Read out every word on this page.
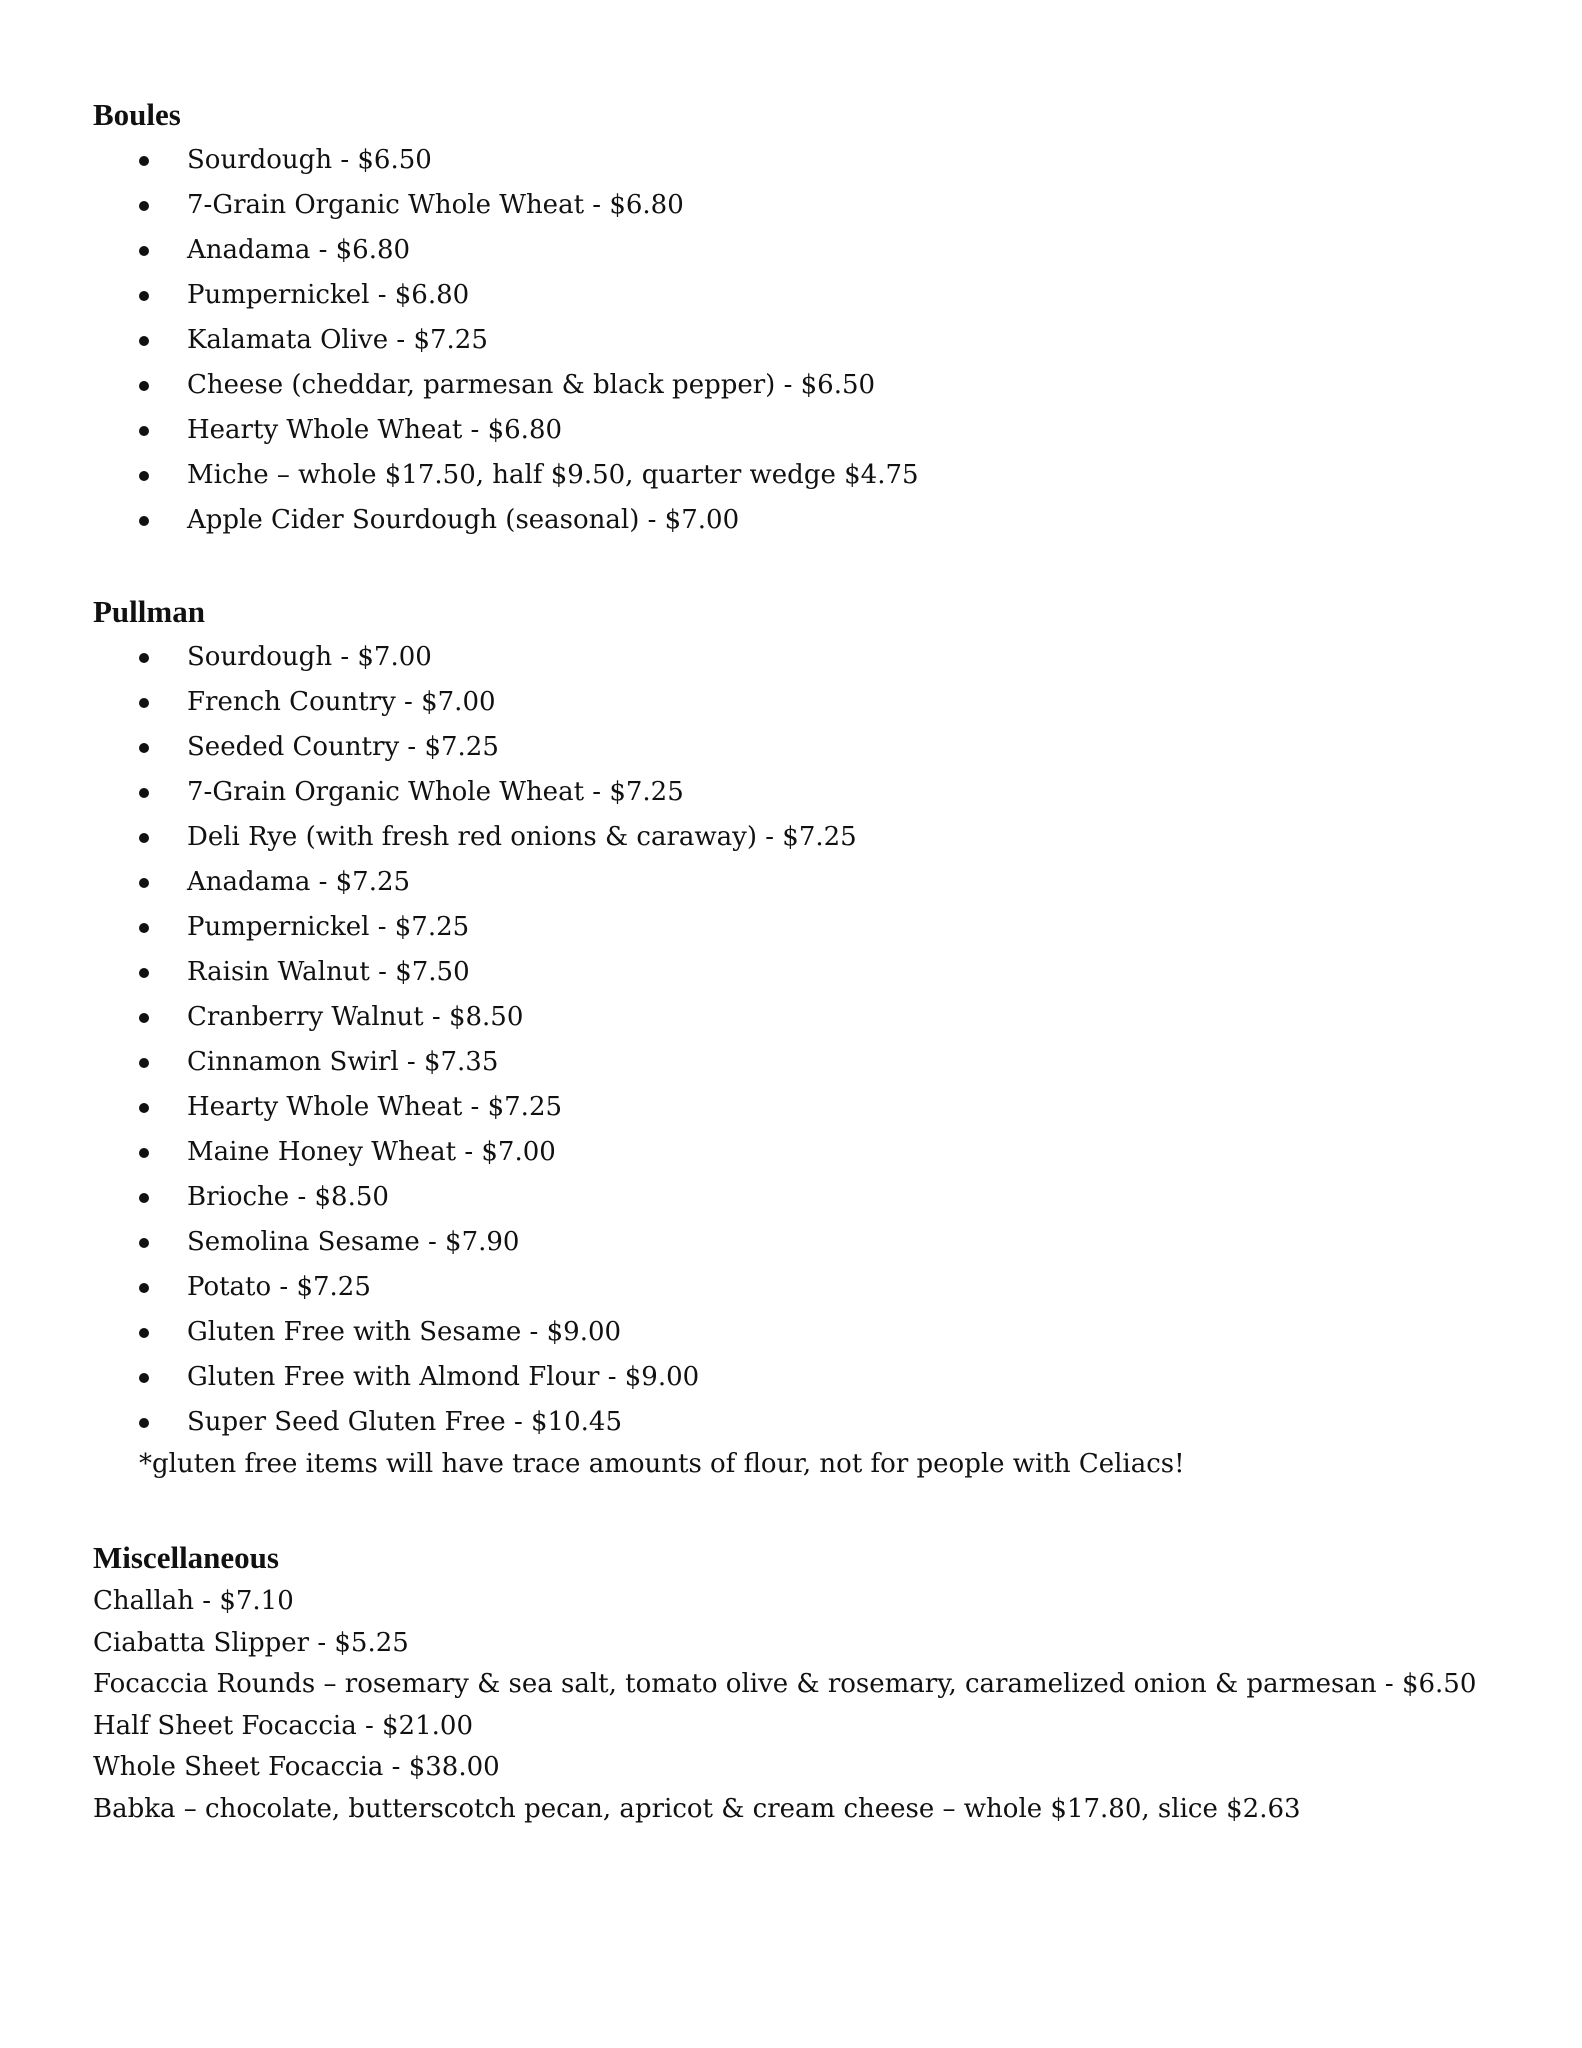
Boules
Sourdough - $6.50
7-Grain Organic Whole Wheat - $6.80
Anadama - $6.80
Pumpernickel - $6.80
Kalamata Olive - $7.25
Cheese (cheddar, parmesan & black pepper) - $6.50
Hearty Whole Wheat - $6.80
Miche – whole $17.50, half $9.50, quarter wedge $4.75
Apple Cider Sourdough (seasonal) - $7.00
Pullman
Sourdough - $7.00
French Country - $7.00
Seeded Country - $7.25
7-Grain Organic Whole Wheat - $7.25
Deli Rye (with fresh red onions & caraway) - $7.25
Anadama - $7.25
Pumpernickel - $7.25
Raisin Walnut - $7.50
Cranberry Walnut - $8.50
Cinnamon Swirl - $7.35
Hearty Whole Wheat - $7.25
Maine Honey Wheat - $7.00
Brioche - $8.50
Semolina Sesame - $7.90
Potato - $7.25
Gluten Free with Sesame - $9.00
Gluten Free with Almond Flour - $9.00
Super Seed Gluten Free - $10.45

*gluten free items will have trace amounts of flour, not for people with Celiacs!

Miscellaneous
Challah - $7.10
Ciabatta Slipper - $5.25
Focaccia Rounds – rosemary & sea salt, tomato olive & rosemary, caramelized onion & parmesan - $6.50
Half Sheet Focaccia - $21.00
Whole Sheet Focaccia - $38.00
Babka – chocolate, butterscotch pecan, apricot & cream cheese – whole $17.80, slice $2.63
